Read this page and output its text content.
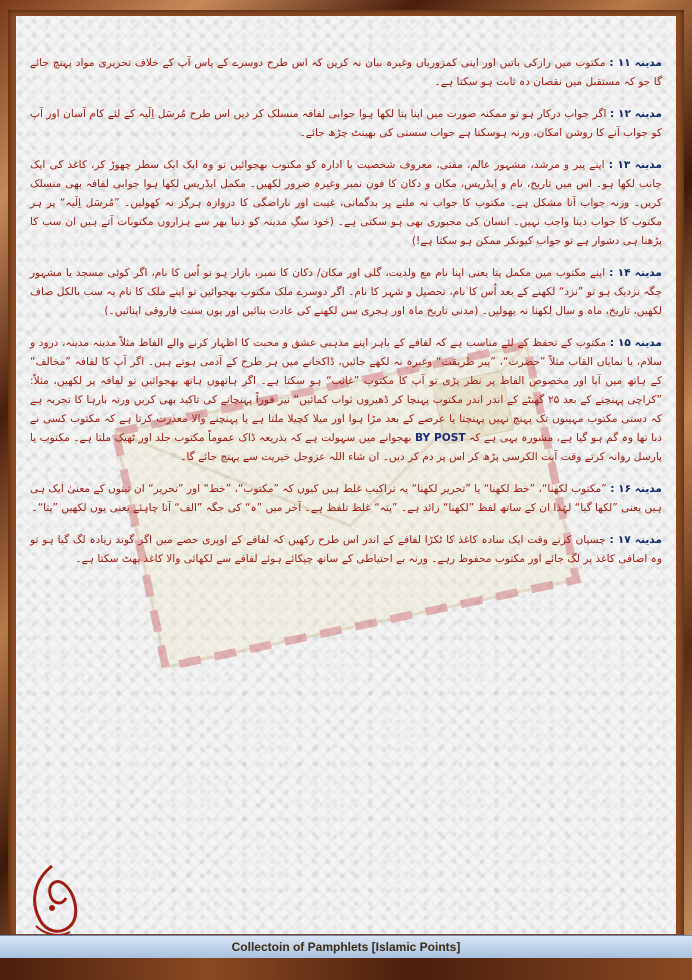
مدینہ ۱۱ : مکتوب میں رازکی باتیں اور اپنی کمزوریاں وغیرہ بیان نہ کریں کہ اس طرح دوسرے کے پاس آپ کے خلاف تحریری مواد پہنچ جائے گا جو کہ مستقبل میں نقصان دہ ثابت ہو سکتا ہے۔

مدینہ ۱۲ : اگر جواب درکار ہو تو ممکنہ صورت میں اپنا پتا لکھا ہوا جوابی لفافہ منسلک کر دیں اس طرح مُرسَل اِلَیہ کے لئے کام آسان اور آپ کو جواب آنے کا روشن امکان، ورنہ ہوسکتا ہے جواب سستی کی بھینٹ چڑھ جائے۔

مدینہ ۱۳ : اپنے پیر و مرشد، مشہور عالم، مفتی، معروف شخصیت یا ادارہ کو مکتوب بھجوائیں تو وہ ایک ایک سطر چھوڑ کر، کاغذ کی ایک جانب لکھا ہو۔ اس میں تاریخ، نام و ایڈریس، مکان و دکان کا فون نمبر وغیرہ ضرور لکھیں۔ مکمل ایڈریس لکھا ہوا جوابی لفافہ بھی منسلک کریں۔ ورنہ جواب آنا مشکل ہے۔ مکتوب کا جواب نہ ملنے پر بدگمانی، غیبت اور ناراضگی کا دروازہ ہرگز نہ کھولیں۔ ”مُرسَل اِلَیہ“ پر ہر مکتوب کا جواب دینا واجب نہیں۔ انسان کی مجبوری بھی ہو سکتی ہے۔ (خود سگِ مدینہ کو دنیا بھر سے ہزاروں مکتوبات آتے ہیں ان سب کا پڑھنا ہی دشوار ہے تو جواب کیونکر ممکن ہو سکتا ہے!)

مدینہ ۱۴ : اپنے مکتوب میں مکمل پتا یعنی اپنا نام مع ولدیت، گلی اور مکان/ دکان کا نمبر، بازار ہو تو اُس کا نام، اگر کوئی مسجد یا مشہور جگہ نزدیک ہو تو ”نزد“ لکھنے کے بعد اُس کا نام، تحصیل و شہر کا نام۔ اگر دوسرے ملک مکتوب بھجوائیں تو اپنے ملک کا نام یہ سب بالکل صاف لکھیں، تاریخ، ماہ و سال لکھنا نہ بھولیں۔ (مدنی تاریخ ماہ اور ہجری سن لکھنے کی عادت بنائیں اور یوں سنت فاروقی اپنائیں۔)

مدینہ ۱۵ : مکتوب کے تحفظ کے لئے مناسب ہے کہ لفافے کے باہر اپنے مذہبی عشق و محبت کا اظہار کرنے والے الفاظ مثلاً مدینہ مدینہ، درود و سلام، یا نمایاں القاب مثلاً ”حضرت“، ”پیر طریقت“ وغیرہ نہ لکھے جائیں، ڈاکخانے میں ہر طرح کے آدمی ہوتے ہیں۔ اگر آپ کا لفافہ ”مخالف“ کے ہاتھ میں آیا اور مخصوص الفاظ پر نظر پڑی تو آپ کا مکتوب ”غائب“ ہو سکتا ہے۔ اگر ہاتھوں ہاتھ بھجوائیں تو لفافہ پر لکھیں، مثلاً: ”کراچی پہنچنے کے بعد ۲۵ گھنٹے کے اندر اندر مکتوب پہنچا کر ڈھیروں ثواب کمائیں“ نیز فوراً پہنچانے کی تاکید بھی کریں ورنہ بارہا کا تجربہ ہے کہ دستی مکتوب مہینوں تک پہنچ نہیں پہنچتا یا عرصے کے بعد مڑا ہوا اور میلا کچیلا ملتا ہے یا پہنچنے والا معذرت کرتا ہے کہ مکتوب کسی نے دبا تھا وہ گم ہو گیا ہے، مشورہ یہی ہے کہ BY POST بھجوانے میں سہولت ہے کہ بذریعہ ڈاک عموماً مکتوب جلد اور ٹھیک ملتا ہے۔ مکتوب یا پارسل روانہ کرتے وقت آیت الکرسی پڑھ کر اس پر دم کر دیں۔ ان شاء اللہ عزوجل خیریت سے پہنچ جائے گا۔

مدینہ ۱۶ : ”مکتوب لکھنا“، ”خط لکھنا“ یا ”تحریر لکھنا“ یہ تراکیب غلط ہیں کیوں کہ ”مکتوب“، ”خط“ اور ”تحریر“ ان تینوں کے معنیٰ ایک ہی ہیں یعنی ”لکھا گیا“ لہٰذا ان کے ساتھ لفظ ”لکھنا“ زائد ہے۔ ”پتہ“ غلط تلفظ ہے۔ آخر میں ”ہ“ کی جگہ ”الف“ آنا چاہئے یعنی یوں لکھیں ”پتا“۔

مدینہ ۱۷ : چسپاں کرتے وقت ایک سادہ کاغذ کا ٹکڑا لفافے کے اندر اس طرح رکھیں کہ لفافے کے اوپری حصے میں اگر گوند زیادہ لگ گیا ہو تو وہ اضافی کاغذ پر لگ جائے اور مکتوب محفوظ رہے۔ ورنہ بے احتیاطی کے ساتھ چپکائے ہوئے لفافے سے لکھائی والا کاغذ پھٹ سکتا ہے۔

Collectoin of Pamphlets [Islamic Points]
